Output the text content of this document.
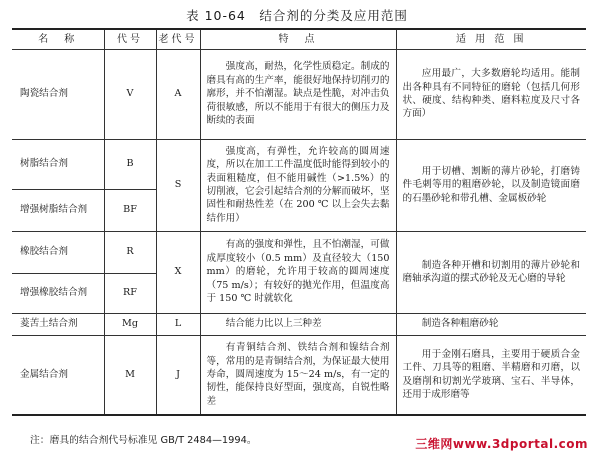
表 10-64　结合剂的分类及应用范围
名　称	代号	老代号	特　点	适 用 范 围
陶瓷结合剂	V	A	强度高，耐热，化学性质稳定。制成的磨具有高的生产率，能很好地保持切削刃的廓形，并不怕潮湿。缺点是性脆，对冲击负荷很敏感，所以不能用于有很大的侧压力及断续的表面	应用最广，大多数磨轮均适用。能制出各种具有不同特征的磨轮（包括几何形状、硬度、结构种类、磨料粒度及尺寸各方面）
树脂结合剂	B	S	强度高，有弹性，允许较高的圆周速度，所以在加工工件温度低时能得到较小的表面粗糙度，但不能用碱性（>1.5%）的切削液，它会引起结合剂的分解而破坏，坚固性和耐热性差（在 200 ℃ 以上会失去黏结作用）	用于切槽、割断的薄片砂轮，打磨铸件毛刺等用的粗磨砂轮，以及制造镜面磨的石墨砂轮和带孔槽、金属板砂轮
增强树脂结合剂	BF			
橡胶结合剂	R	X	有高的强度和弹性，且不怕潮湿，可做成厚度较小（0.5 mm）及直径较大（150 mm）的磨轮，允许用于较高的圆周速度（75 m/s）；有较好的抛光作用，但温度高于 150 ℃ 时就软化	制造各种开槽和切割用的薄片砂轮和磨轴承沟道的摆式砂轮及无心磨的导轮
增强橡胶结合剂	RF			
菱苦土结合剂	Mg	L	结合能力比以上三种差	制造各种粗磨砂轮
金属结合剂	M	J	有青铜结合剂、铁结合剂和镍结合剂等，常用的是青铜结合剂，为保证最大使用寿命，圆周速度为 15～24 m/s，有一定的韧性，能保持良好型面，强度高，自锐性略差	用于金刚石磨具，主要用于硬质合金工件、刀具等的粗磨、半精磨和刃磨，以及磨削和切割光学玻璃、宝石、半导体，还用于成形磨等
注：磨具的结合剂代号标准见 GB/T 2484—1994。	三维网www.3dportal.com
